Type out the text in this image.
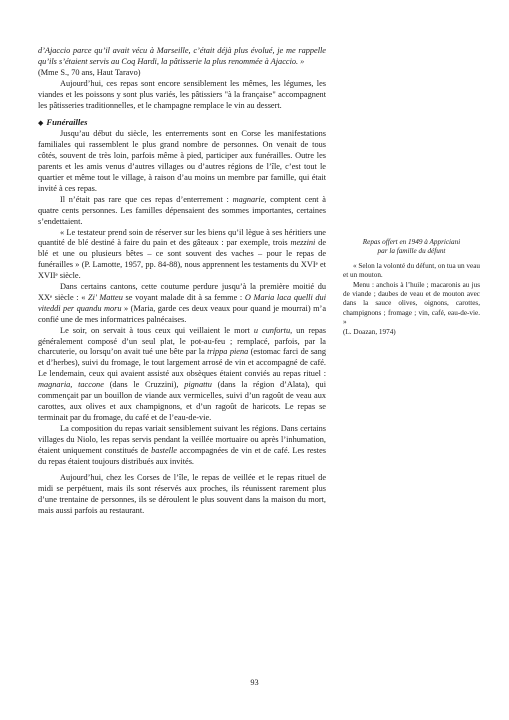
d’Ajaccio parce qu’il avait vécu à Marseille, c’était déjà plus évolué, je me rappelle qu’ils s’étaient servis au Coq Hardi, la pâtisserie la plus renommée à Ajaccio. »

(Mme S., 70 ans, Haut Taravo)

Aujourd’hui, ces repas sont encore sensiblement les mêmes, les légumes, les viandes et les poissons y sont plus variés, les pâtissiers "à la française" accompagnent les pâtisseries traditionnelles, et le champagne remplace le vin au dessert.

◆ Funérailles

Jusqu’au début du siècle, les enterrements sont en Corse les manifestations familiales qui rassemblent le plus grand nombre de personnes. On venait de tous côtés, souvent de très loin, parfois même à pied, participer aux funérailles. Outre les parents et les amis venus d’autres villages ou d’autres régions de l’île, c’est tout le quartier et même tout le village, à raison d’au moins un membre par famille, qui était invité à ces repas.

Il n’était pas rare que ces repas d’enterrement : magnarie, comptent cent à quatre cents personnes. Les familles dépensaient des sommes importantes, certaines s’endettaient.

« Le testateur prend soin de réserver sur les biens qu’il lègue à ses héritiers une quantité de blé destiné à faire du pain et des gâteaux : par exemple, trois mezzini de blé et une ou plusieurs bêtes – ce sont souvent des vaches – pour le repas de funérailles » (P. Lamotte, 1957, pp. 84-88), nous apprennent les testaments du XVIᵉ et XVIIᵉ siècle.

Dans certains cantons, cette coutume perdure jusqu’à la première moitié du XXᵉ siècle : « Zi' Matteu se voyant malade dit à sa femme : O Maria laca quelli dui viteddi per quandu moru » (Maria, garde ces deux veaux pour quand je mourrai) m’a confié une de mes informatrices palnécaises.

Le soir, on servait à tous ceux qui veillaient le mort u cunfortu, un repas généralement composé d’un seul plat, le pot-au-feu ; remplacé, parfois, par la charcuterie, ou lorsqu’on avait tué une bête par la trippa piena (estomac farci de sang et d’herbes), suivi du fromage, le tout largement arrosé de vin et accompagné de café. Le lendemain, ceux qui avaient assisté aux obsèques étaient conviés au repas rituel : magnaria, taccone (dans le Cruzzini), pignattu (dans la région d’Alata), qui commençait par un bouillon de viande aux vermicelles, suivi d’un ragoût de veau aux carottes, aux olives et aux champignons, et d’un ragoût de haricots. Le repas se terminait par du fromage, du café et de l’eau-de-vie.

La composition du repas variait sensiblement suivant les régions. Dans certains villages du Niolo, les repas servis pendant la veillée mortuaire ou après l’inhumation, étaient uniquement constitués de bastelle accompagnées de vin et de café. Les restes du repas étaient toujours distribués aux invités.

Aujourd’hui, chez les Corses de l’île, le repas de veillée et le repas rituel de midi se perpétuent, mais ils sont réservés aux proches, ils réunissent rarement plus d’une trentaine de personnes, ils se déroulent le plus souvent dans la maison du mort, mais aussi parfois au restaurant.

Repas offert en 1949 à Appriciani
par la famille du défunt

« Selon la volonté du défunt, on tua un veau et un mouton.

Menu : anchois à l’huile ; macaronis au jus de viande ; daubes de veau et de mouton avec dans la sauce olives, oignons, carottes, champignons ; fromage ; vin, café, eau-de-vie. »

(L. Doazan, 1974)

93
